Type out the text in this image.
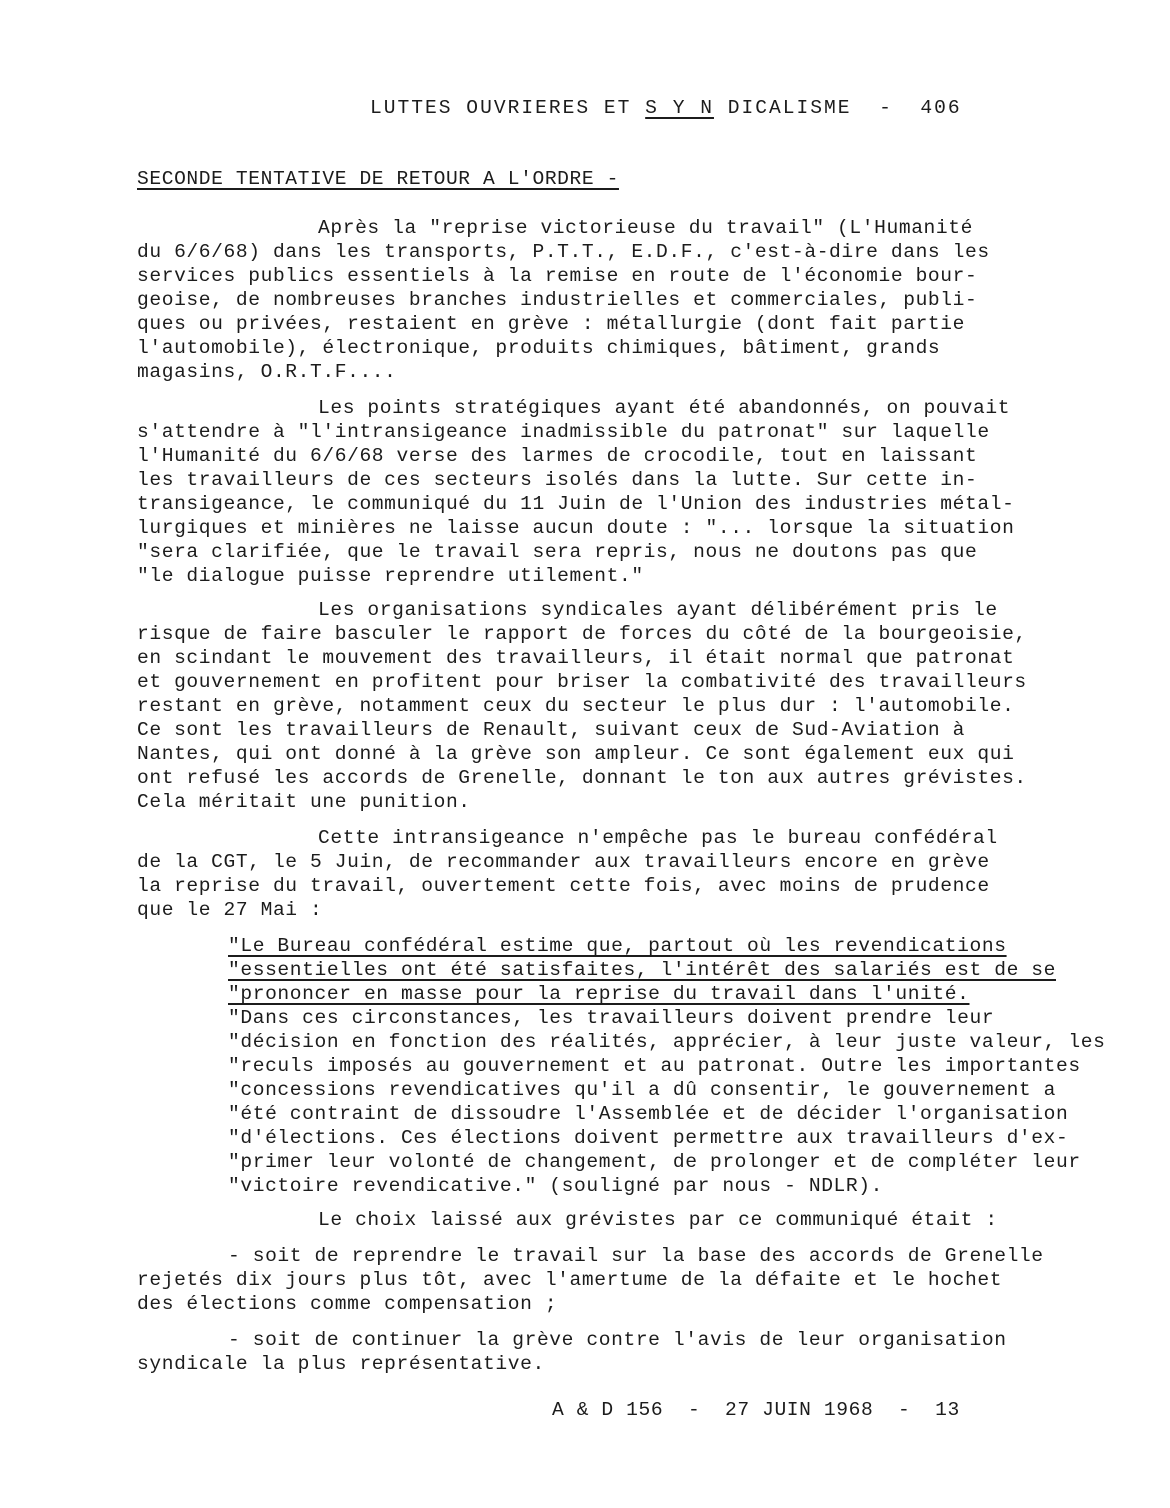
LUTTES OUVRIERES ET S Y N DICALISME  -  406
SECONDE TENTATIVE DE RETOUR A L'ORDRE -
Après la "reprise victorieuse du travail" (L'Humanité
du 6/6/68) dans les transports, P.T.T., E.D.F., c'est-à-dire dans les
services publics essentiels à la remise en route de l'économie bour-
geoise, de nombreuses branches industrielles et commerciales, publi-
ques ou privées, restaient en grève : métallurgie (dont fait partie
l'automobile), électronique, produits chimiques, bâtiment, grands
magasins, O.R.T.F....
Les points stratégiques ayant été abandonnés, on pouvait
s'attendre à "l'intransigeance inadmissible du patronat" sur laquelle
l'Humanité du 6/6/68 verse des larmes de crocodile, tout en laissant
les travailleurs de ces secteurs isolés dans la lutte. Sur cette in-
transigeance, le communiqué du 11 Juin de l'Union des industries métal-
lurgiques et minières ne laisse aucun doute : "... lorsque la situation
"sera clarifiée, que le travail sera repris, nous ne doutons pas que
"le dialogue puisse reprendre utilement."
Les organisations syndicales ayant délibérément pris le
risque de faire basculer le rapport de forces du côté de la bourgeoisie,
en scindant le mouvement des travailleurs, il était normal que patronat
et gouvernement en profitent pour briser la combativité des travailleurs
restant en grève, notamment ceux du secteur le plus dur : l'automobile.
Ce sont les travailleurs de Renault, suivant ceux de Sud-Aviation à
Nantes, qui ont donné à la grève son ampleur. Ce sont également eux qui
ont refusé les accords de Grenelle, donnant le ton aux autres grévistes.
Cela méritait une punition.
Cette intransigeance n'empêche pas le bureau confédéral
de la CGT, le 5 Juin, de recommander aux travailleurs encore en grève
la reprise du travail, ouvertement cette fois, avec moins de prudence
que le 27 Mai :
"Le Bureau confédéral estime que, partout où les revendications
"essentielles ont été satisfaites, l'intérêt des salariés est de se
"prononcer en masse pour la reprise du travail dans l'unité.
"Dans ces circonstances, les travailleurs doivent prendre leur
"décision en fonction des réalités, apprécier, à leur juste valeur, les
"reculs imposés au gouvernement et au patronat. Outre les importantes
"concessions revendicatives qu'il a dû consentir, le gouvernement a
"été contraint de dissoudre l'Assemblée et de décider l'organisation
"d'élections. Ces élections doivent permettre aux travailleurs d'ex-
"primer leur volonté de changement, de prolonger et de compléter leur
"victoire revendicative." (souligné par nous - NDLR).
Le choix laissé aux grévistes par ce communiqué était :
- soit de reprendre le travail sur la base des accords de Grenelle
rejetés dix jours plus tôt, avec l'amertume de la défaite et le hochet
des élections comme compensation ;
- soit de continuer la grève contre l'avis de leur organisation
syndicale la plus représentative.
A & D 156  -  27 JUIN 1968  -  13
